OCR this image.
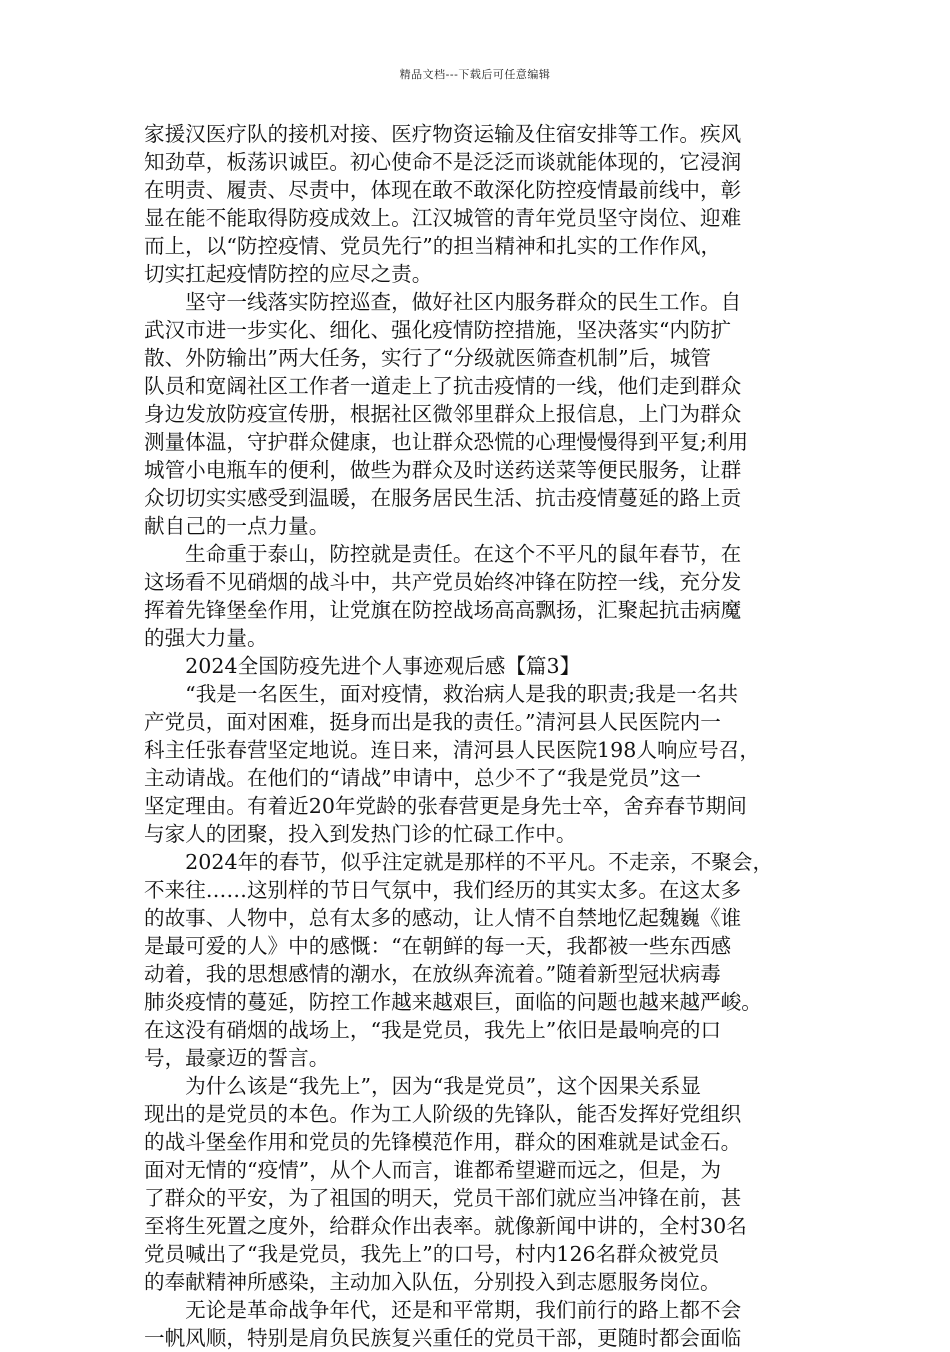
精品文档---下载后可任意编辑
家援汉医疗队的接机对接、医疗物资运输及住宿安排等工作。疾风
知劲草，板荡识诚臣。初心使命不是泛泛而谈就能体现的，它浸润
在明责、履责、尽责中，体现在敢不敢深化防控疫情最前线中，彰
显在能不能取得防疫成效上。江汉城管的青年党员坚守岗位、迎难
而上，以“防控疫情、党员先行”的担当精神和扎实的工作作风，
切实扛起疫情防控的应尽之责。
　　坚守一线落实防控巡查，做好社区内服务群众的民生工作。自
武汉市进一步实化、细化、强化疫情防控措施，坚决落实“内防扩
散、外防输出”两大任务，实行了“分级就医筛查机制”后，城管
队员和宽阔社区工作者一道走上了抗击疫情的一线，他们走到群众
身边发放防疫宣传册，根据社区微邻里群众上报信息，上门为群众
测量体温，守护群众健康，也让群众恐慌的心理慢慢得到平复;利用
城管小电瓶车的便利，做些为群众及时送药送菜等便民服务，让群
众切切实实感受到温暖，在服务居民生活、抗击疫情蔓延的路上贡
献自己的一点力量。
　　生命重于泰山，防控就是责任。在这个不平凡的鼠年春节，在
这场看不见硝烟的战斗中，共产党员始终冲锋在防控一线，充分发
挥着先锋堡垒作用，让党旗在防控战场高高飘扬，汇聚起抗击病魔
的强大力量。
　　2024全国防疫先进个人事迹观后感【篇3】
　　“我是一名医生，面对疫情，救治病人是我的职责;我是一名共
产党员，面对困难，挺身而出是我的责任。”清河县人民医院内一
科主任张春营坚定地说。连日来，清河县人民医院198人响应号召，
主动请战。在他们的“请战”申请中，总少不了“我是党员”这一
坚定理由。有着近20年党龄的张春营更是身先士卒，舍弃春节期间
与家人的团聚，投入到发热门诊的忙碌工作中。
　　2024年的春节，似乎注定就是那样的不平凡。不走亲，不聚会，
不来往……这别样的节日气氛中，我们经历的其实太多。在这太多
的故事、人物中，总有太多的感动，让人情不自禁地忆起魏巍《谁
是最可爱的人》中的感慨：“在朝鲜的每一天，我都被一些东西感
动着，我的思想感情的潮水，在放纵奔流着。”随着新型冠状病毒
肺炎疫情的蔓延，防控工作越来越艰巨，面临的问题也越来越严峻。
在这没有硝烟的战场上，“我是党员，我先上”依旧是最响亮的口
号，最豪迈的誓言。
　　为什么该是“我先上”，因为“我是党员”，这个因果关系显
现出的是党员的本色。作为工人阶级的先锋队，能否发挥好党组织
的战斗堡垒作用和党员的先锋模范作用，群众的困难就是试金石。
面对无情的“疫情”，从个人而言，谁都希望避而远之，但是，为
了群众的平安，为了祖国的明天，党员干部们就应当冲锋在前，甚
至将生死置之度外，给群众作出表率。就像新闻中讲的，全村30名
党员喊出了“我是党员，我先上”的口号，村内126名群众被党员
的奉献精神所感染，主动加入队伍，分别投入到志愿服务岗位。
　　无论是革命战争年代，还是和平常期，我们前行的路上都不会
一帆风顺，特别是肩负民族复兴重任的党员干部，更随时都会面临
